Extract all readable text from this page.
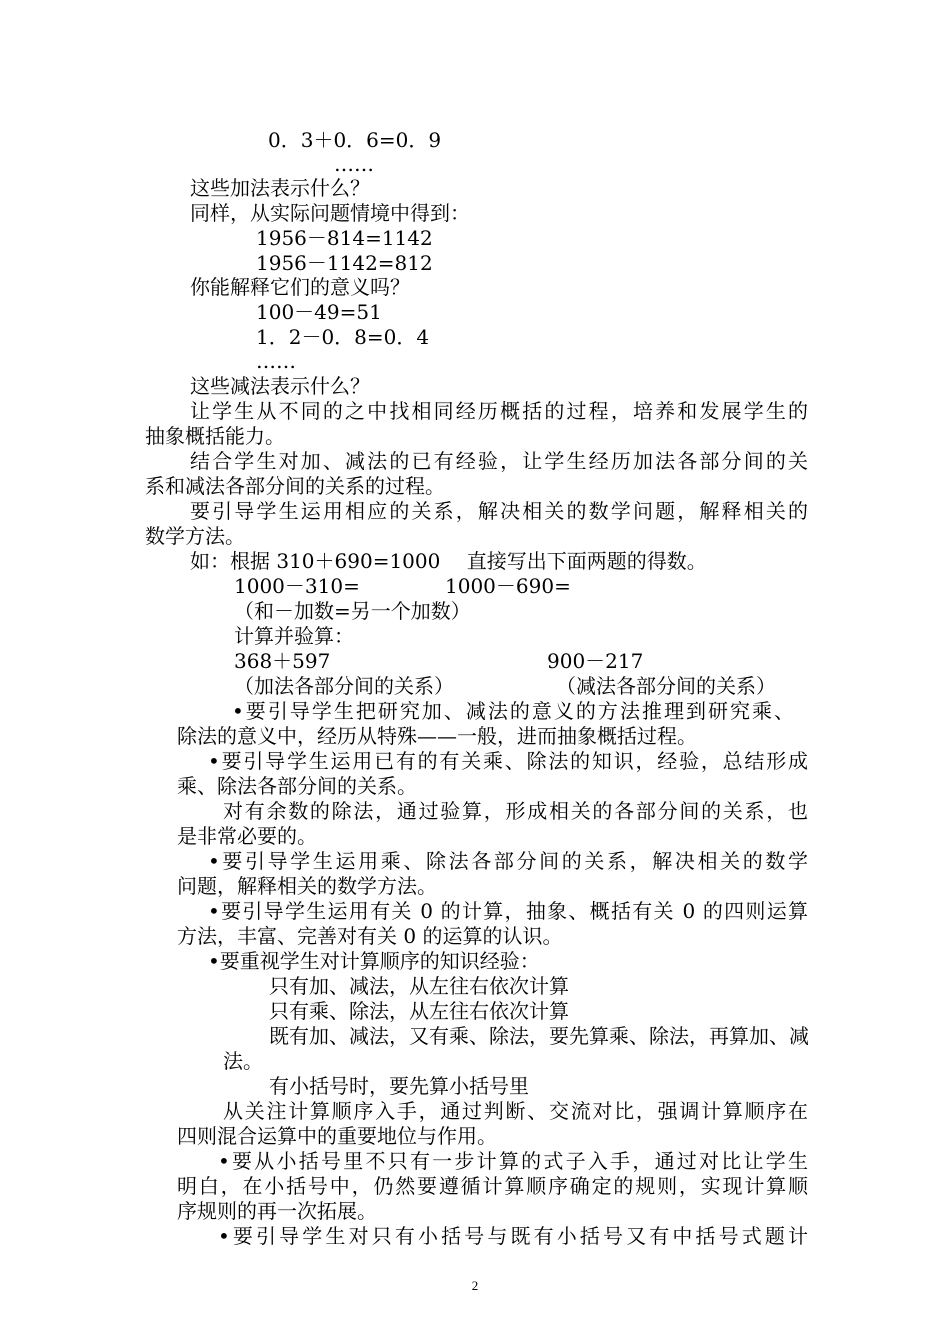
0．3＋0．6=0．9
……
这些加法表示什么？
同样，从实际问题情境中得到：
1956－814=1142
1956－1142=812
你能解释它们的意义吗？
100－49=51
1．2－0．8=0．4
……
这些减法表示什么？
让学生从不同的之中找相同经历概括的过程，培养和发展学生的
抽象概括能力。
结合学生对加、减法的已有经验，让学生经历加法各部分间的关
系和减法各部分间的关系的过程。
要引导学生运用相应的关系，解决相关的数学问题，解释相关的
数学方法。
如：根据 310＋690=1000　 直接写出下面两题的得数。
1000－310=	1000－690=
（和－加数=另一个加数）
计算并验算：
368＋597	900－217
（加法各部分间的关系）	（减法各部分间的关系）
•要引导学生把研究加、减法的意义的方法推理到研究乘、
除法的意义中，经历从特殊——一般，进而抽象概括过程。
•要引导学生运用已有的有关乘、除法的知识，经验，总结形成
乘、除法各部分间的关系。
对有余数的除法，通过验算，形成相关的各部分间的关系，也
是非常必要的。
•要引导学生运用乘、除法各部分间的关系，解决相关的数学
问题，解释相关的数学方法。
•要引导学生运用有关 0 的计算，抽象、概括有关 0 的四则运算
方法，丰富、完善对有关 0 的运算的认识。
•要重视学生对计算顺序的知识经验：
只有加、减法，从左往右依次计算
只有乘、除法，从左往右依次计算
既有加、减法，又有乘、除法，要先算乘、除法，再算加、减
法。
有小括号时，要先算小括号里
从关注计算顺序入手，通过判断、交流对比，强调计算顺序在
四则混合运算中的重要地位与作用。
•要从小括号里不只有一步计算的式子入手，通过对比让学生
明白，在小括号中，仍然要遵循计算顺序确定的规则，实现计算顺
序规则的再一次拓展。
•要引导学生对只有小括号与既有小括号又有中括号式题计
2
